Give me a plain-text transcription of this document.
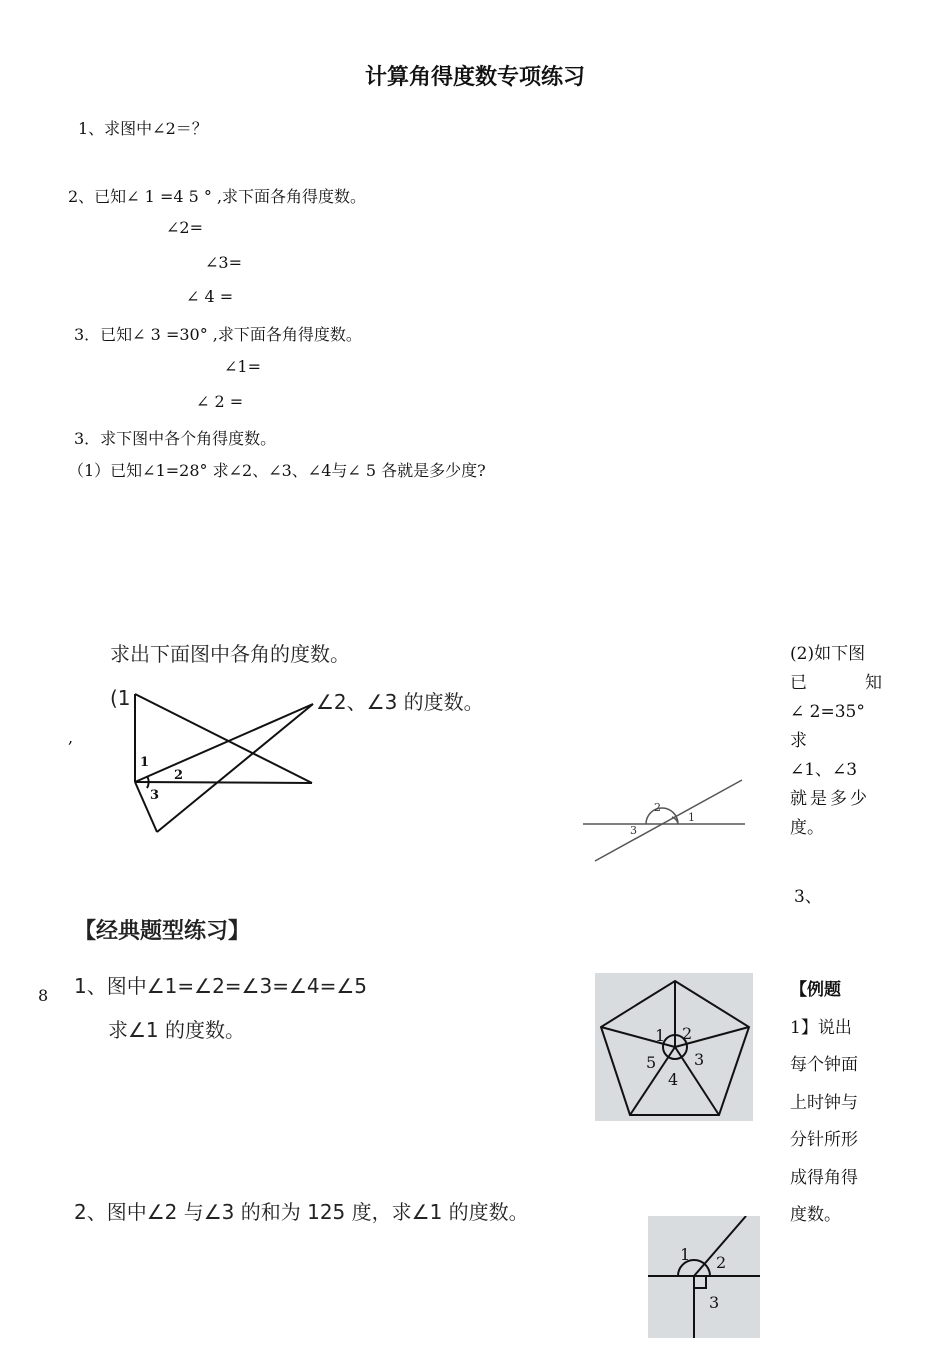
计算角得度数专项练习
1、求图中∠2＝？
2、已知∠ 1 =4 5 ° ,求下面各角得度数。
∠2=
∠3=
∠ 4 =
3．已知∠ 3 =30° ,求下面各角得度数。
∠1=
∠ 2 =
3．求下图中各个角得度数。
（1）已知∠1=28° 求∠2、∠3、∠4与∠ 5 各就是多少度?
求出下面图中各角的度数。
(1	∠2、∠3 的度数。
,
1
2
3
2
1
3
(2)如下图
已	知
∠ 2=35°
求
∠1、∠3
就是多少
度。
3、
【经典题型练习】
8 1、图中∠1=∠2=∠3=∠4=∠5
求∠1 的度数。	1 2
3
4
5
2、图中∠2 与∠3 的和为 125 度，求∠1 的度数。
1 2
3
【例题
1】说出
每个钟面
上时钟与
分针所形
成得角得
度数。
